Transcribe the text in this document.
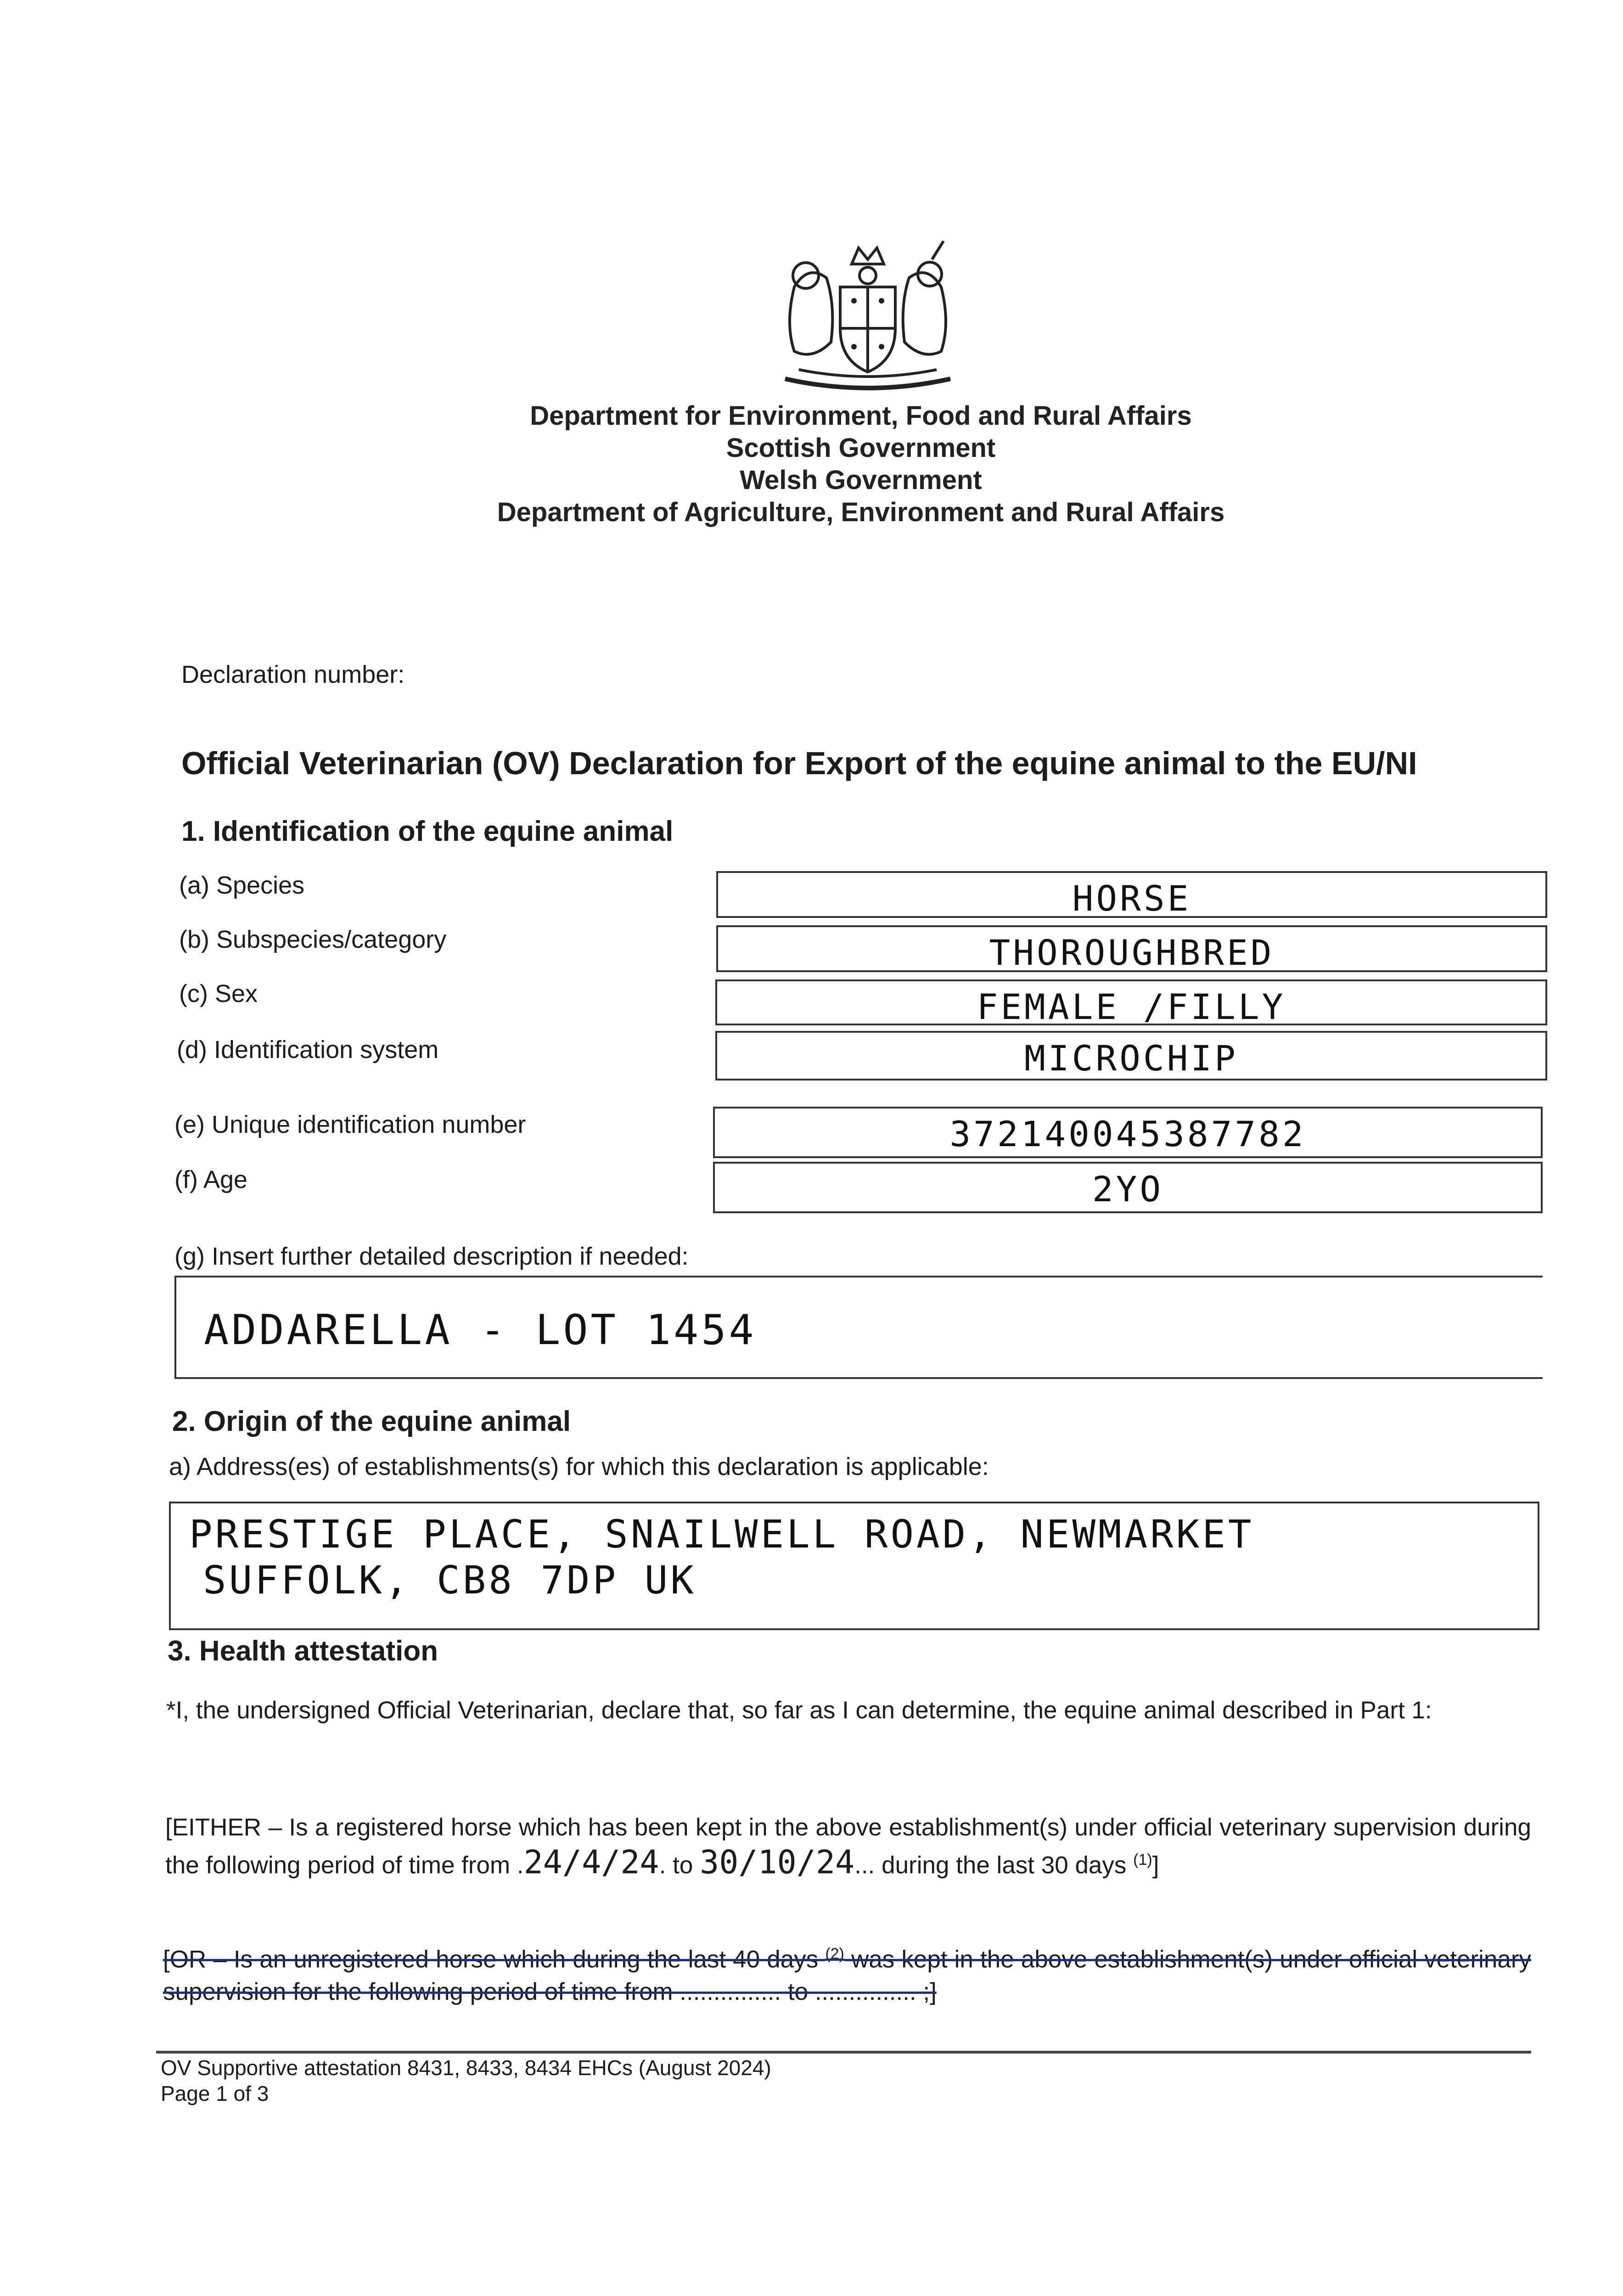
Department for Environment, Food and Rural Affairs
Scottish Government
Welsh Government
Department of Agriculture, Environment and Rural Affairs
Declaration number:
Official Veterinarian (OV) Declaration for Export of the equine animal to the EU/NI
1. Identification of the equine animal
(a) Species	HORSE
(b) Subspecies/category	THOROUGHBRED
(c) Sex	FEMALE /FILLY
(d) Identification system	MICROCHIP
(e) Unique identification number	372140045387782
(f) Age	2YO
(g) Insert further detailed description if needed:
ADDARELLA - LOT 1454
2. Origin of the equine animal
a) Address(es) of establishments(s) for which this declaration is applicable:
PRESTIGE PLACE, SNAILWELL ROAD, NEWMARKET
SUFFOLK, CB8 7DP UK
3. Health attestation
*I, the undersigned Official Veterinarian, declare that, so far as I can determine, the equine animal described in Part 1:
[EITHER – Is a registered horse which has been kept in the above establishment(s) under official veterinary supervision during the following period of time from .24/4/24. to 30/10/24... during the last 30 days $^{(1)}$]
[OR – Is an unregistered horse which during the last 40 days $^{(2)}$ was kept in the above establishment(s) under official veterinary supervision for the following period of time from ............... to ............... ;]
OV Supportive attestation 8431, 8433, 8434 EHCs (August 2024)
Page 1 of 3
